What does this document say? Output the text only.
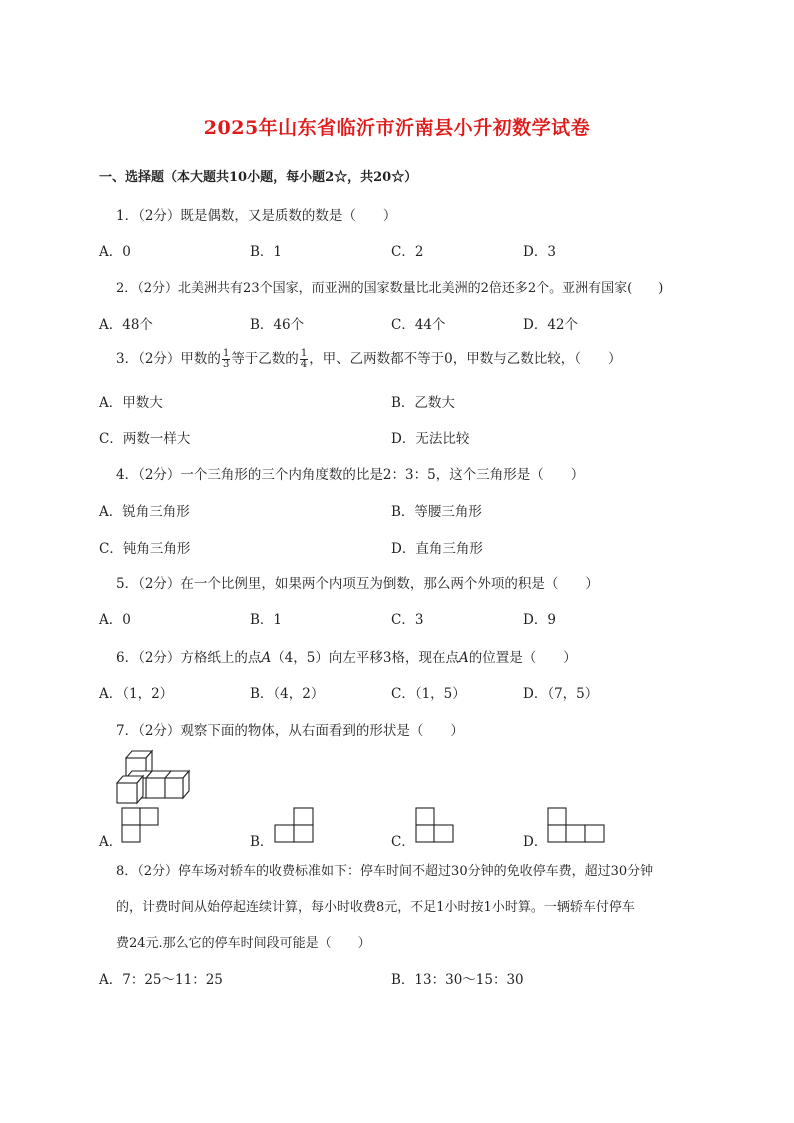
2025年山东省临沂市沂南县小升初数学试卷
一、选择题（本大题共10小题，每小题2☆，共20☆）
1．（2分）既是偶数，又是质数的数是（　　）
A．0	B．1	C．2	D．3
2．（2分）北美洲共有23个国家，而亚洲的国家数量比北美洲的2倍还多2个。亚洲有国家(　　)
A．48个	B．46个	C．44个	D．42个
3．（2分）甲数的 $\frac{1}{3}$ 等于乙数的 $\frac{1}{4}$ ，甲、乙两数都不等于0，甲数与乙数比较，（　　）
A．甲数大	B．乙数大
C．两数一样大	D．无法比较
4．（2分）一个三角形的三个内角度数的比是2：3：5，这个三角形是（　　）
A．锐角三角形	B．等腰三角形
C．钝角三角形	D．直角三角形
5．（2分）在一个比例里，如果两个内项互为倒数，那么两个外项的积是（　　）
A．0	B．1	C．3	D．9
6．（2分）方格纸上的点A（4，5）向左平移3格，现在点A的位置是（　　）
A．（1，2）	B．（4，2）	C．（1，5）	D．（7，5）
7．（2分）观察下面的物体，从右面看到的形状是（　　）
A．	B．	C．	D．
8．（2分）停车场对轿车的收费标准如下：停车时间不超过30分钟的免收停车费，超过30分钟
的，计费时间从始停起连续计算，每小时收费8元，不足1小时按1小时算。一辆轿车付停车
费24元.那么它的停车时间段可能是（　　）
A．7：25～11：25	B．13：30～15：30
